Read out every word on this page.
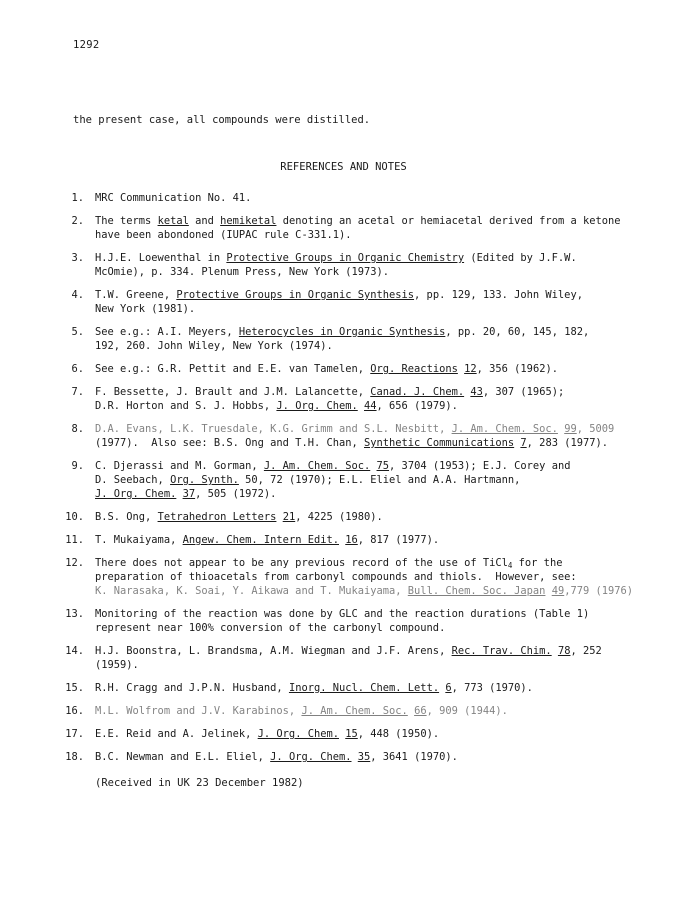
1292
the present case, all compounds were distilled.
REFERENCES AND NOTES
1. MRC Communication No. 41.
2. The terms ketal and hemiketal denoting an acetal or hemiacetal derived from a ketone
have been abondoned (IUPAC rule C-331.1).
3. H.J.E. Loewenthal in Protective Groups in Organic Chemistry (Edited by J.F.W.
McOmie), p. 334. Plenum Press, New York (1973).
4. T.W. Greene, Protective Groups in Organic Synthesis, pp. 129, 133. John Wiley,
New York (1981).
5. See e.g.: A.I. Meyers, Heterocycles in Organic Synthesis, pp. 20, 60, 145, 182,
192, 260. John Wiley, New York (1974).
6. See e.g.: G.R. Pettit and E.E. van Tamelen, Org. Reactions 12, 356 (1962).
7. F. Bessette, J. Brault and J.M. Lalancette, Canad. J. Chem. 43, 307 (1965);
D.R. Horton and S. J. Hobbs, J. Org. Chem. 44, 656 (1979).
8. D.A. Evans, L.K. Truesdale, K.G. Grimm and S.L. Nesbitt, J. Am. Chem. Soc. 99, 5009
(1977).  Also see: B.S. Ong and T.H. Chan, Synthetic Communications 7, 283 (1977).
9. C. Djerassi and M. Gorman, J. Am. Chem. Soc. 75, 3704 (1953); E.J. Corey and
D. Seebach, Org. Synth. 50, 72 (1970); E.L. Eliel and A.A. Hartmann,
J. Org. Chem. 37, 505 (1972).
10. B.S. Ong, Tetrahedron Letters 21, 4225 (1980).
11. T. Mukaiyama, Angew. Chem. Intern Edit. 16, 817 (1977).
12. There does not appear to be any previous record of the use of TiCl$_4$ for the
preparation of thioacetals from carbonyl compounds and thiols.  However, see:
K. Narasaka, K. Soai, Y. Aikawa and T. Mukaiyama, Bull. Chem. Soc. Japan 49,779 (1976)
13. Monitoring of the reaction was done by GLC and the reaction durations (Table 1)
represent near 100% conversion of the carbonyl compound.
14. H.J. Boonstra, L. Brandsma, A.M. Wiegman and J.F. Arens, Rec. Trav. Chim. 78, 252
(1959).
15. R.H. Cragg and J.P.N. Husband, Inorg. Nucl. Chem. Lett. 6, 773 (1970).
16. M.L. Wolfrom and J.V. Karabinos, J. Am. Chem. Soc. 66, 909 (1944).
17. E.E. Reid and A. Jelinek, J. Org. Chem. 15, 448 (1950).
18. B.C. Newman and E.L. Eliel, J. Org. Chem. 35, 3641 (1970).
(Received in UK 23 December 1982)
